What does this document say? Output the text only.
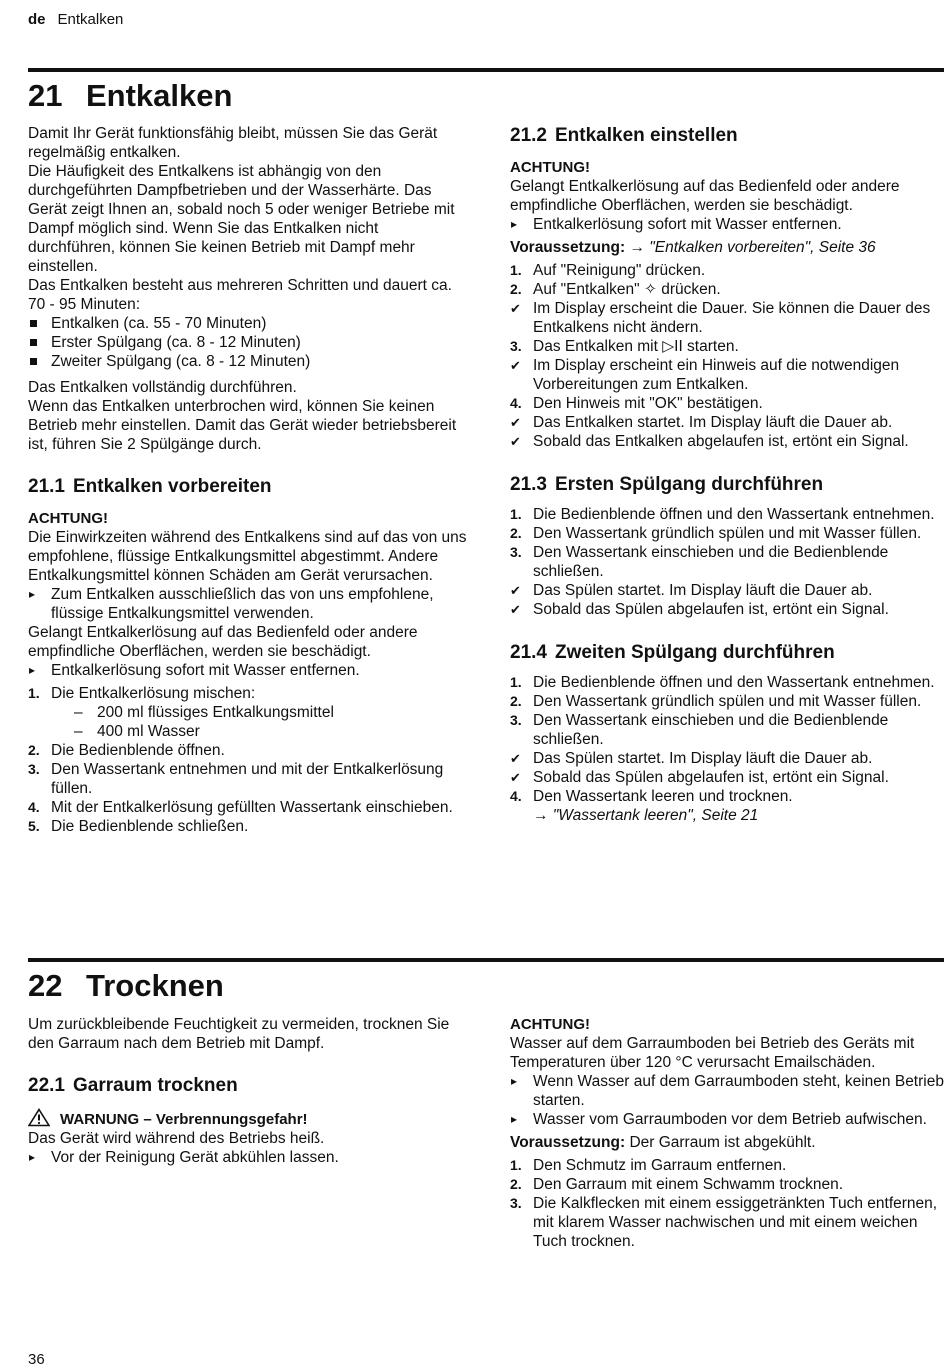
de Entkalken
21 Entkalken

Damit Ihr Gerät funktionsfähig bleibt, müssen Sie das Gerät regelmäßig entkalken.

Die Häufigkeit des Entkalkens ist abhängig von den durchgeführten Dampfbetrieben und der Wasserhärte. Das Gerät zeigt Ihnen an, sobald noch 5 oder weniger Betriebe mit Dampf möglich sind. Wenn Sie das Entkalken nicht durchführen, können Sie keinen Betrieb mit Dampf mehr einstellen.

Das Entkalken besteht aus mehreren Schritten und dauert ca. 70 - 95 Minuten:

Entkalken (ca. 55 - 70 Minuten)
Erster Spülgang (ca. 8 - 12 Minuten)
Zweiter Spülgang (ca. 8 - 12 Minuten)

Das Entkalken vollständig durchführen.

Wenn das Entkalken unterbrochen wird, können Sie keinen Betrieb mehr einstellen. Damit das Gerät wieder betriebsbereit ist, führen Sie 2 Spülgänge durch.

21.1 Entkalken vorbereiten

ACHTUNG!

Die Einwirkzeiten während des Entkalkens sind auf das von uns empfohlene, flüssige Entkalkungsmittel abgestimmt. Andere Entkalkungsmittel können Schäden am Gerät verursachen.

▸ Zum Entkalken ausschließlich das von uns empfohlene, flüssige Entkalkungsmittel verwenden.

Gelangt Entkalkerlösung auf das Bedienfeld oder andere empfindliche Oberflächen, werden sie beschädigt.

▸ Entkalkerlösung sofort mit Wasser entfernen.
1. Die Entkalkerlösung mischen:
– 200 ml flüssiges Entkalkungsmittel
– 400 ml Wasser
2. Die Bedienblende öffnen.
3. Den Wassertank entnehmen und mit der Entkalkerlösung füllen.
4. Mit der Entkalkerlösung gefüllten Wassertank einschieben.
5. Die Bedienblende schließen.
21.2 Entkalken einstellen

ACHTUNG!

Gelangt Entkalkerlösung auf das Bedienfeld oder andere empfindliche Oberflächen, werden sie beschädigt.

▸ Entkalkerlösung sofort mit Wasser entfernen.

Voraussetzung: → "Entkalken vorbereiten", Seite 36

1. Auf "Reinigung" drücken.
2. Auf "Entkalken" ✧ drücken.
✔ Im Display erscheint die Dauer. Sie können die Dauer des Entkalkens nicht ändern.
3. Das Entkalken mit ▷II starten.
✔ Im Display erscheint ein Hinweis auf die notwendigen Vorbereitungen zum Entkalken.
4. Den Hinweis mit "OK" bestätigen.
✔ Das Entkalken startet. Im Display läuft die Dauer ab.
✔ Sobald das Entkalken abgelaufen ist, ertönt ein Signal.
21.3 Ersten Spülgang durchführen
1. Die Bedienblende öffnen und den Wassertank entnehmen.
2. Den Wassertank gründlich spülen und mit Wasser füllen.
3. Den Wassertank einschieben und die Bedienblende schließen.
✔ Das Spülen startet. Im Display läuft die Dauer ab.
✔ Sobald das Spülen abgelaufen ist, ertönt ein Signal.
21.4 Zweiten Spülgang durchführen
1. Die Bedienblende öffnen und den Wassertank entnehmen.
2. Den Wassertank gründlich spülen und mit Wasser füllen.
3. Den Wassertank einschieben und die Bedienblende schließen.
✔ Das Spülen startet. Im Display läuft die Dauer ab.
✔ Sobald das Spülen abgelaufen ist, ertönt ein Signal.
4. Den Wassertank leeren und trocknen.
→ "Wassertank leeren", Seite 21
22 Trocknen

Um zurückbleibende Feuchtigkeit zu vermeiden, trocknen Sie den Garraum nach dem Betrieb mit Dampf.

22.1 Garraum trocknen

WARNUNG – Verbrennungsgefahr!

Das Gerät wird während des Betriebs heiß.

▸ Vor der Reinigung Gerät abkühlen lassen.

ACHTUNG!

Wasser auf dem Garraumboden bei Betrieb des Geräts mit Temperaturen über 120 °C verursacht Emailschäden.

▸ Wenn Wasser auf dem Garraumboden steht, keinen Betrieb starten.
▸ Wasser vom Garraumboden vor dem Betrieb aufwischen.

Voraussetzung: Der Garraum ist abgekühlt.

1. Den Schmutz im Garraum entfernen.
2. Den Garraum mit einem Schwamm trocknen.
3. Die Kalkflecken mit einem essiggetränkten Tuch entfernen, mit klarem Wasser nachwischen und mit einem weichen Tuch trocknen.
36
